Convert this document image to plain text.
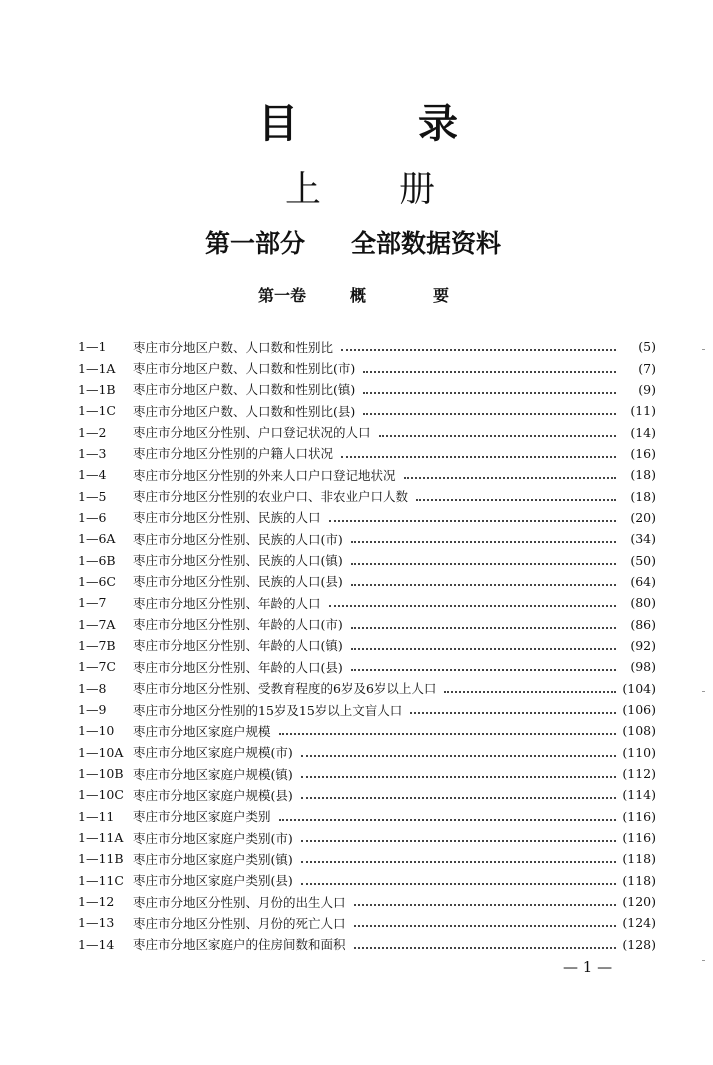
目	录
上 册
第一部分 全部数据资料
第一卷	概	要
1—1	枣庄市分地区户数、人口数和性别比	(5)
1—1A	枣庄市分地区户数、人口数和性别比(市)	(7)
1—1B	枣庄市分地区户数、人口数和性别比(镇)	(9)
1—1C	枣庄市分地区户数、人口数和性别比(县)	(11)
1—2	枣庄市分地区分性别、户口登记状况的人口	(14)
1—3	枣庄市分地区分性别的户籍人口状况	(16)
1—4	枣庄市分地区分性别的外来人口户口登记地状况	(18)
1—5	枣庄市分地区分性别的农业户口、非农业户口人数	(18)
1—6	枣庄市分地区分性别、民族的人口	(20)
1—6A	枣庄市分地区分性别、民族的人口(市)	(34)
1—6B	枣庄市分地区分性别、民族的人口(镇)	(50)
1—6C	枣庄市分地区分性别、民族的人口(县)	(64)
1—7	枣庄市分地区分性别、年龄的人口	(80)
1—7A	枣庄市分地区分性别、年龄的人口(市)	(86)
1—7B	枣庄市分地区分性别、年龄的人口(镇)	(92)
1—7C	枣庄市分地区分性别、年龄的人口(县)	(98)
1—8	枣庄市分地区分性别、受教育程度的6岁及6岁以上人口	(104)
1—9	枣庄市分地区分性别的15岁及15岁以上文盲人口	(106)
1—10	枣庄市分地区家庭户规模	(108)
1—10A 枣庄市分地区家庭户规模(市)	(110)
1—10B 枣庄市分地区家庭户规模(镇)	(112)
1—10C 枣庄市分地区家庭户规模(县)	(114)
1—11	枣庄市分地区家庭户类别	(116)
1—11A 枣庄市分地区家庭户类别(市)	(116)
1—11B 枣庄市分地区家庭户类别(镇)	(118)
1—11C 枣庄市分地区家庭户类别(县)	(118)
1—12	枣庄市分地区分性别、月份的出生人口	(120)
1—13	枣庄市分地区分性别、月份的死亡人口	(124)
1—14	枣庄市分地区家庭户的住房间数和面积	(128)
— 1 —
